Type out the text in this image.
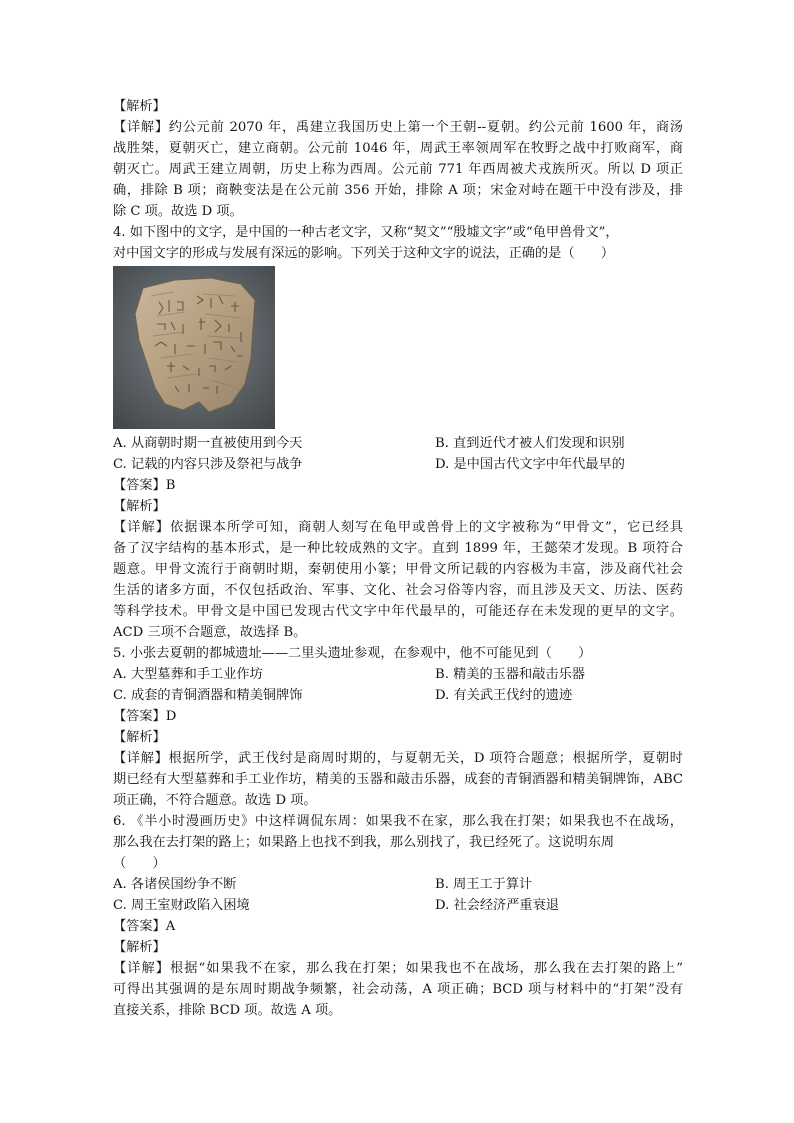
【解析】
【详解】约公元前 2070 年，禹建立我国历史上第一个王朝--夏朝。约公元前 1600 年，商汤
战胜桀，夏朝灭亡，建立商朝。公元前 1046 年，周武王率领周军在牧野之战中打败商军，商
朝灭亡。周武王建立周朝，历史上称为西周。公元前 771 年西周被犬戎族所灭。所以 D 项正
确，排除 B 项；商鞅变法是在公元前 356 开始，排除 A 项；宋金对峙在题干中没有涉及，排
除 C 项。故选 D 项。
4. 如下图中的文字，是中国的一种古老文字，又称“契文”“殷墟文字”或“龟甲兽骨文”，
对中国文字的形成与发展有深远的影响。下列关于这种文字的说法，正确的是（　　）
A. 从商朝时期一直被使用到今天	B. 直到近代才被人们发现和识别
C. 记载的内容只涉及祭祀与战争	D. 是中国古代文字中年代最早的
【答案】B
【解析】
【详解】依据课本所学可知，商朝人刻写在龟甲或兽骨上的文字被称为“甲骨文”，它已经具
备了汉字结构的基本形式，是一种比较成熟的文字。直到 1899 年，王懿荣才发现。B 项符合
题意。甲骨文流行于商朝时期，秦朝使用小篆；甲骨文所记载的内容极为丰富，涉及商代社会
生活的诸多方面，不仅包括政治、军事、文化、社会习俗等内容，而且涉及天文、历法、医药
等科学技术。甲骨文是中国已发现古代文字中年代最早的，可能还存在未发现的更早的文字。
ACD 三项不合题意，故选择 B。
5. 小张去夏朝的都城遗址——二里头遗址参观，在参观中，他不可能见到（　　）
A. 大型墓葬和手工业作坊	B. 精美的玉器和敲击乐器
C. 成套的青铜酒器和精美铜牌饰	D. 有关武王伐纣的遗迹
【答案】D
【解析】
【详解】根据所学，武王伐纣是商周时期的，与夏朝无关，D 项符合题意；根据所学，夏朝时
期已经有大型墓葬和手工业作坊，精美的玉器和敲击乐器，成套的青铜酒器和精美铜牌饰，ABC
项正确，不符合题意。故选 D 项。
6. 《半小时漫画历史》中这样调侃东周：如果我不在家，那么我在打架；如果我也不在战场，
那么我在去打架的路上；如果路上也找不到我，那么别找了，我已经死了。这说明东周
（　　）
A. 各诸侯国纷争不断	B. 周王工于算计
C. 周王室财政陷入困境	D. 社会经济严重衰退
【答案】A
【解析】
【详解】根据“如果我不在家，那么我在打架；如果我也不在战场，那么我在去打架的路上”
可得出其强调的是东周时期战争频繁，社会动荡，A 项正确；BCD 项与材料中的“打架”没有
直接关系，排除 BCD 项。故选 A 项。
